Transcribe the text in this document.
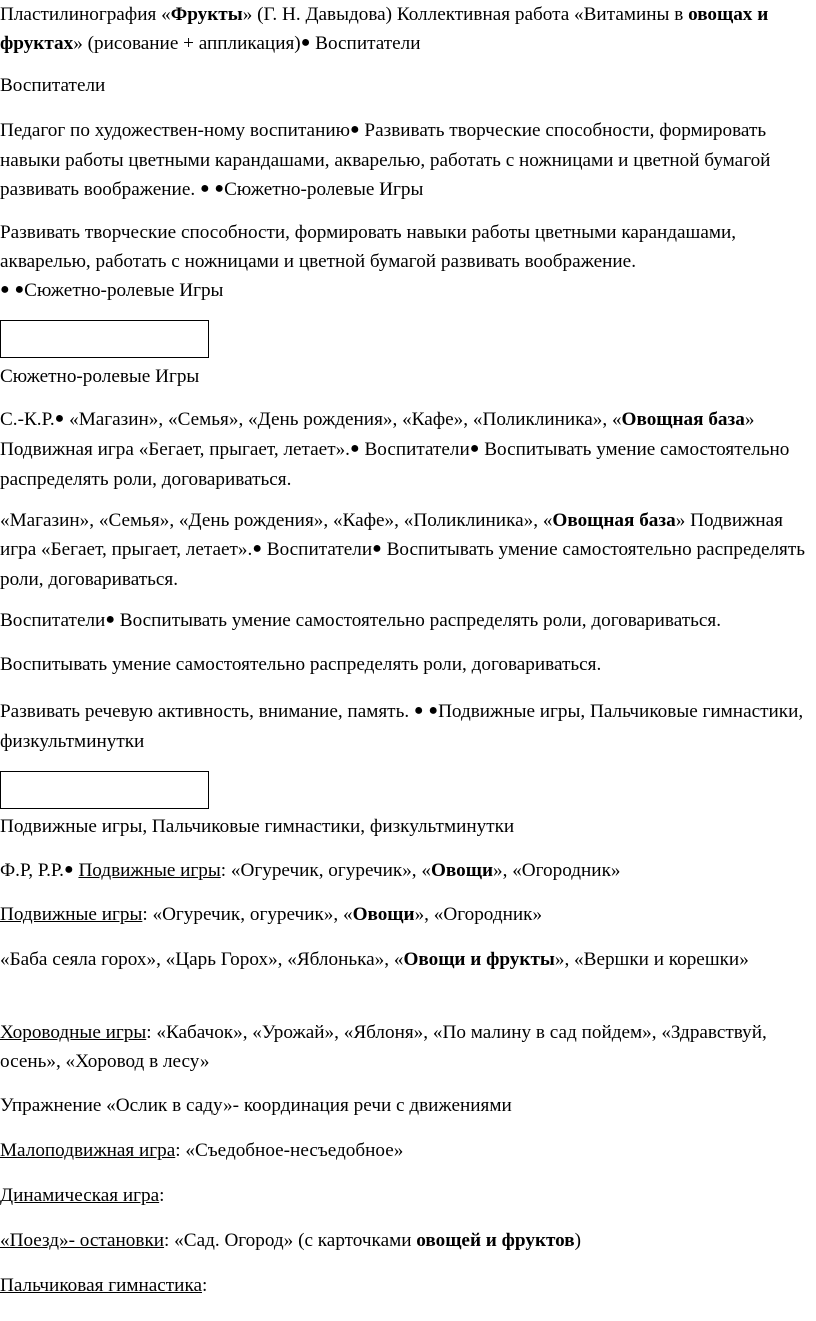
Пластилинография «Фрукты» (Г. Н. Давыдова) Коллективная работа «Витамины в овощах и фруктах» (рисование + аппликация)● Воспитатели

Воспитатели

Педагог по художествен-ному воспитанию● Развивать творческие способности, формировать навыки работы цветными карандашами, акварелью, работать с ножницами и цветной бумагой развивать воображение. ● ●Сюжетно-ролевые Игры

Развивать творческие способности, формировать навыки работы цветными карандашами, акварелью, работать с ножницами и цветной бумагой развивать воображение.
● ●Сюжетно-ролевые Игры

Сюжетно-ролевые Игры

С.-К.Р.● «Магазин», «Семья», «День рождения», «Кафе», «Поликлиника», «Овощная база» Подвижная игра «Бегает, прыгает, летает».● Воспитатели● Воспитывать умение самостоятельно распределять роли, договариваться.

«Магазин», «Семья», «День рождения», «Кафе», «Поликлиника», «Овощная база» Подвижная игра «Бегает, прыгает, летает».● Воспитатели● Воспитывать умение самостоятельно распределять роли, договариваться.

Воспитатели● Воспитывать умение самостоятельно распределять роли, договариваться.

Воспитывать умение самостоятельно распределять роли, договариваться.

Развивать речевую активность, внимание, память. ● ●Подвижные игры, Пальчиковые гимнастики, физкультминутки

Подвижные игры, Пальчиковые гимнастики, физкультминутки

Ф.Р, Р.Р.● Подвижные игры: «Огуречик, огуречик», «Овощи», «Огородник»

Подвижные игры: «Огуречик, огуречик», «Овощи», «Огородник»

«Баба сеяла горох», «Царь Горох», «Яблонька», «Овощи и фрукты», «Вершки и корешки»

Хороводные игры: «Кабачок», «Урожай», «Яблоня», «По малину в сад пойдем», «Здравствуй, осень», «Хоровод в лесу»

Упражнение «Ослик в саду»- координация речи с движениями

Малоподвижная игра: «Съедобное-несъедобное»

Динамическая игра:

«Поезд»- остановки: «Сад. Огород» (с карточками овощей и фруктов)

Пальчиковая гимнастика:
